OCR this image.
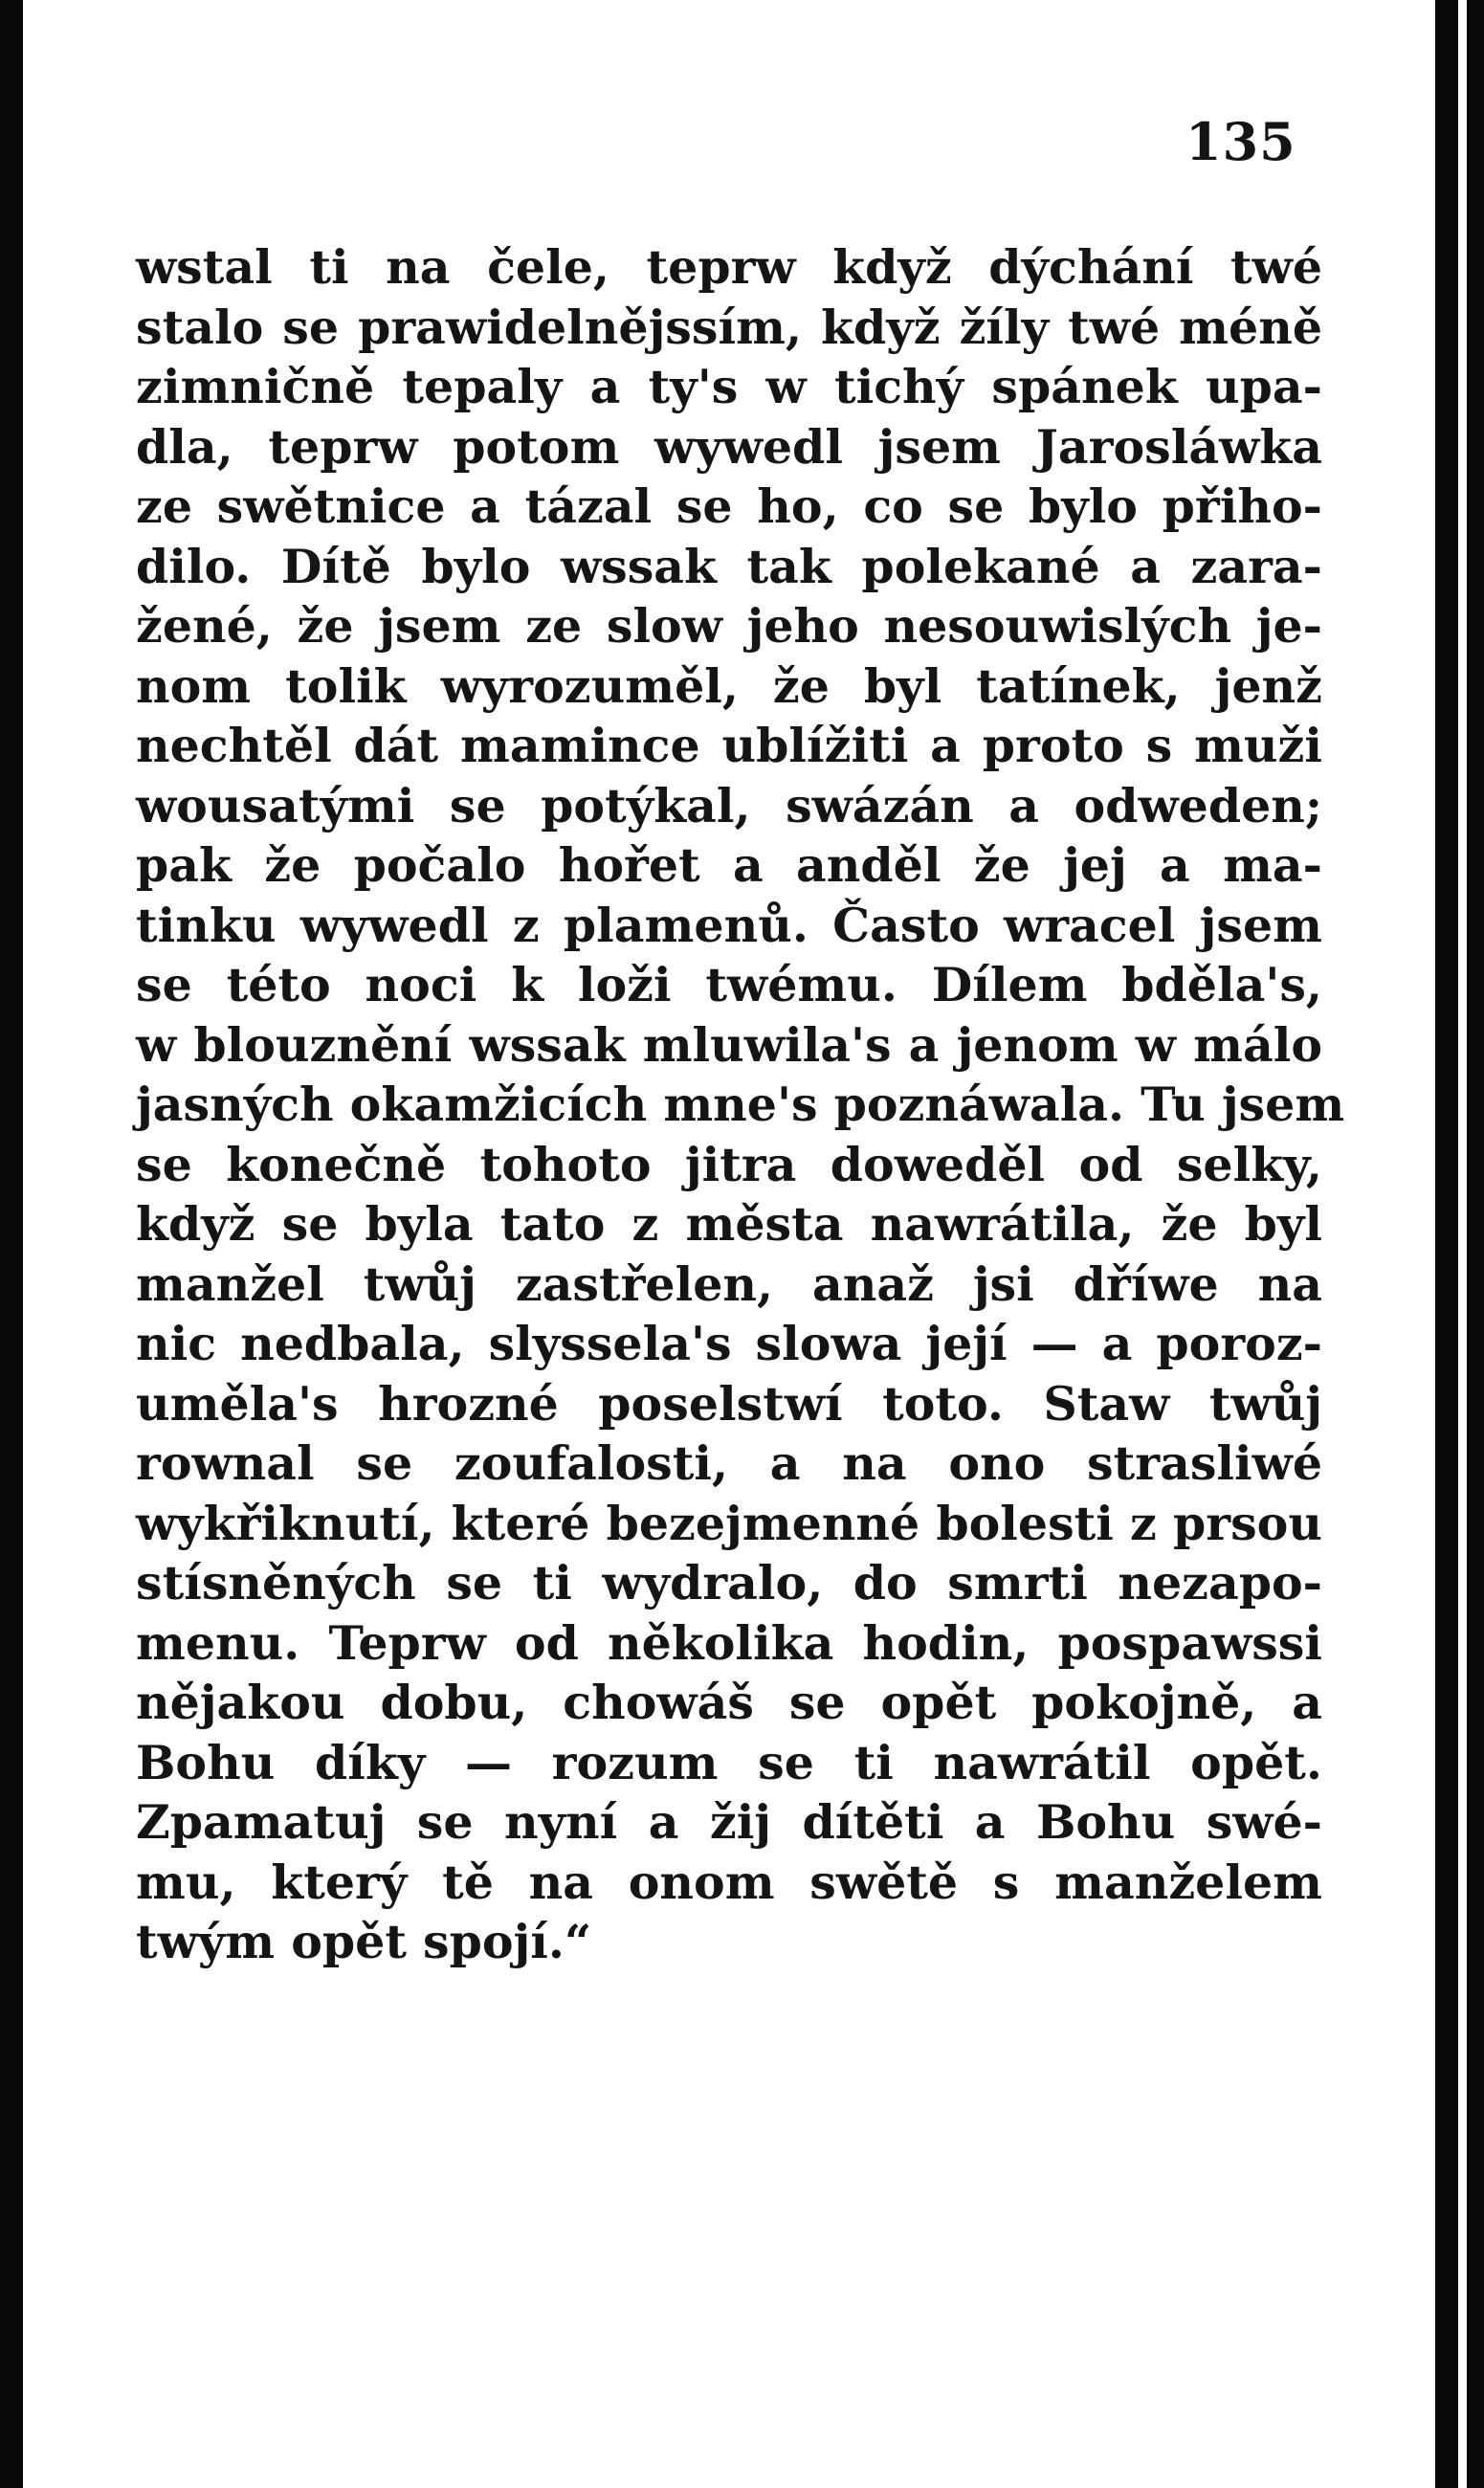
135
wstal ti na čele, teprw když dýchání twé
stalo se prawidelnějssím, když žíly twé méně
zimničně tepaly a ty's w tichý spánek upa-
dla, teprw potom wywedl jsem Jarosláwka
ze swětnice a tázal se ho, co se bylo přiho-
dilo. Dítě bylo wssak tak polekané a zara-
žené, že jsem ze slow jeho nesouwislých je-
nom tolik wyrozuměl, že byl tatínek, jenž
nechtěl dát mamince ublížiti a proto s muži
wousatými se potýkal, swázán a odweden;
pak že počalo hořet a anděl že jej a ma-
tinku wywedl z plamenů. Často wracel jsem
se této noci k loži twému. Dílem bděla's,
w blouznění wssak mluwila's a jenom w málo
jasných okamžicích mne's poznáwala. Tu jsem
se konečně tohoto jitra doweděl od selky,
když se byla tato z města nawrátila, že byl
manžel twůj zastřelen, anaž jsi dříwe na
nic nedbala, slyssela's slowa její — a poroz-
uměla's hrozné poselstwí toto. Staw twůj
rownal se zoufalosti, a na ono strasliwé
wykřiknutí, které bezejmenné bolesti z prsou
stísněných se ti wydralo, do smrti nezapo-
menu. Teprw od několika hodin, pospawssi
nějakou dobu, chowáš se opět pokojně, a
Bohu díky — rozum se ti nawrátil opět.
Zpamatuj se nyní a žij dítěti a Bohu swé-
mu, který tě na onom swětě s manželem
twým opět spojí.“
